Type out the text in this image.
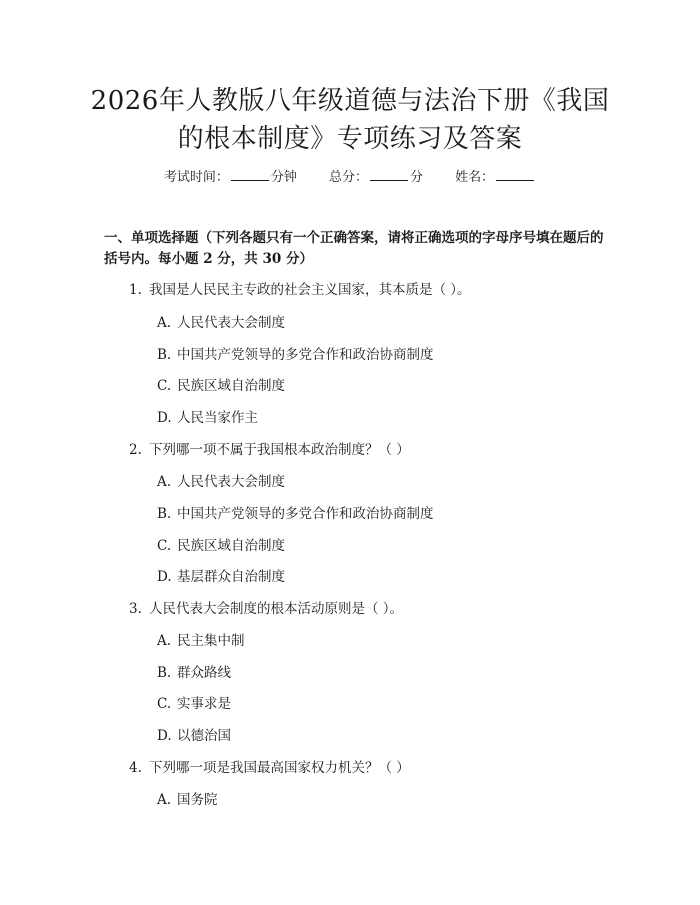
2026年人教版八年级道德与法治下册《我国的根本制度》专项练习及答案
考试时间：	分钟 总分：	分 姓名：

一、单项选择题（下列各题只有一个正确答案，请将正确选项的字母序号填在题后的括号内。每小题 2 分，共 30 分）

1. 我国是人民民主专政的社会主义国家，其本质是（ ）。
A. 人民代表大会制度
B. 中国共产党领导的多党合作和政治协商制度
C. 民族区域自治制度
D. 人民当家作主
2. 下列哪一项不属于我国根本政治制度？（ ）
A. 人民代表大会制度
B. 中国共产党领导的多党合作和政治协商制度
C. 民族区域自治制度
D. 基层群众自治制度
3. 人民代表大会制度的根本活动原则是（ ）。
A. 民主集中制
B. 群众路线
C. 实事求是
D. 以德治国
4. 下列哪一项是我国最高国家权力机关？（ ）
A. 国务院
